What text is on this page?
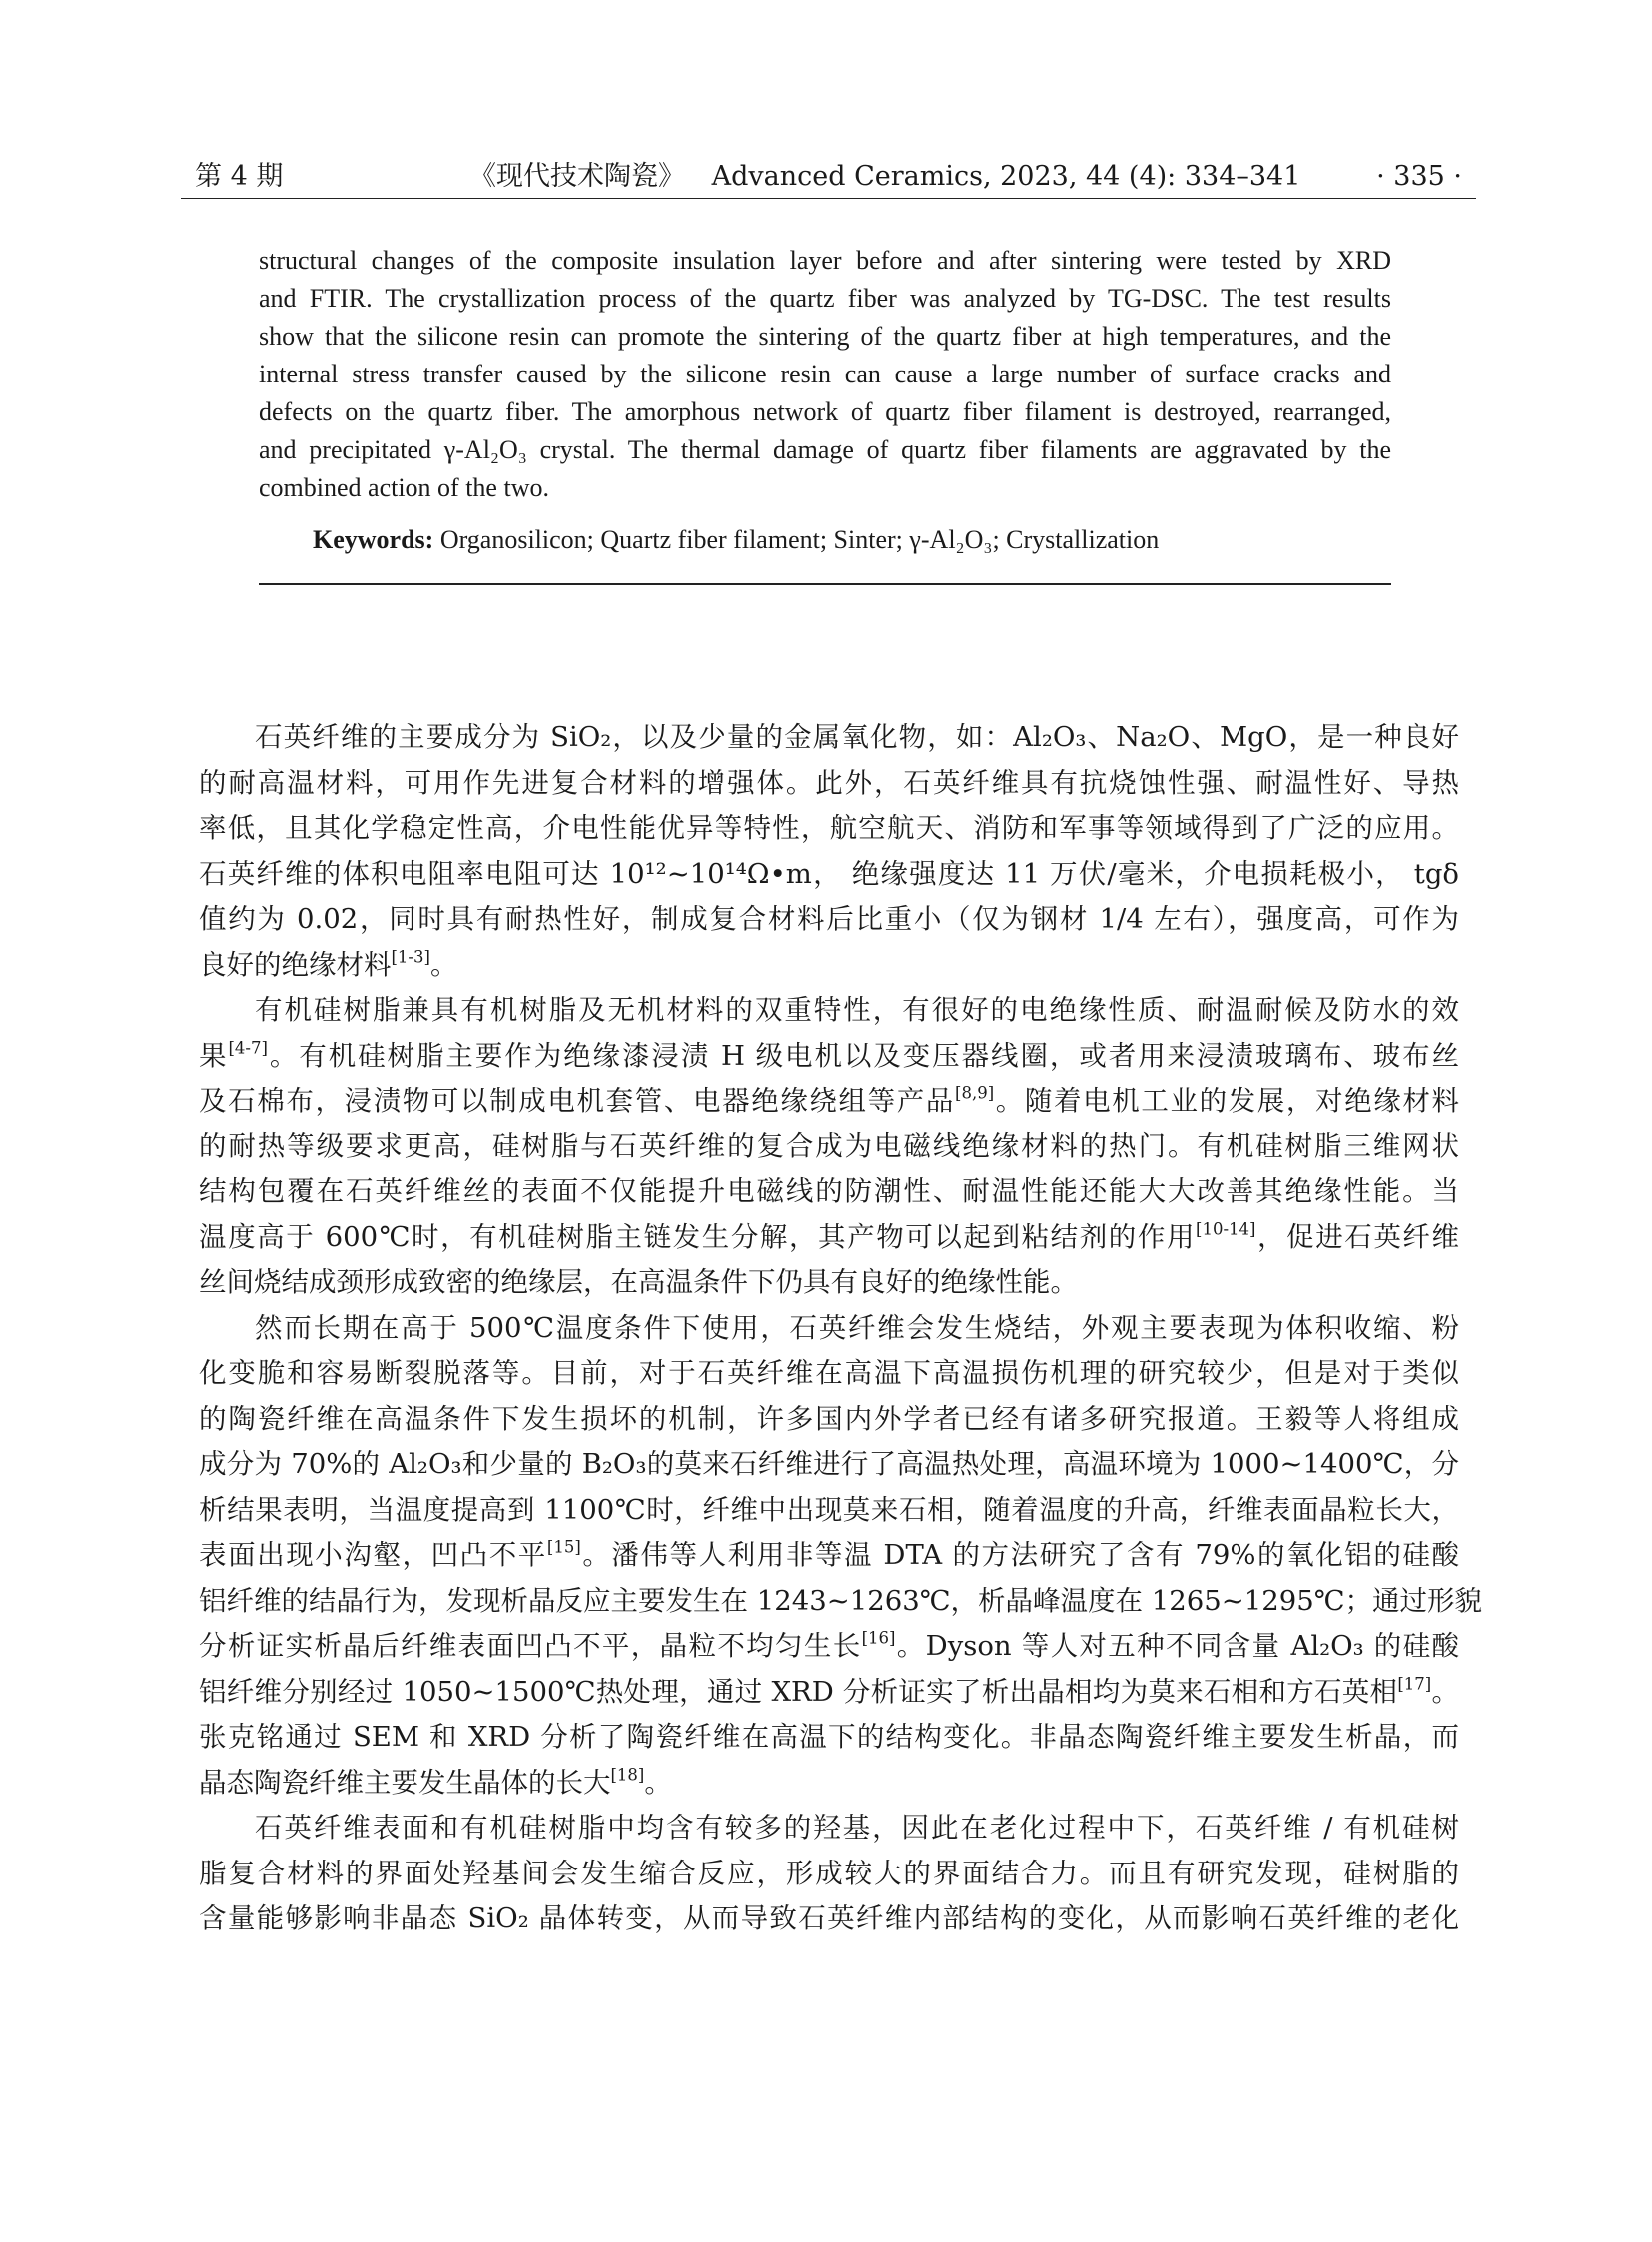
第 4 期	《现代技术陶瓷》 Advanced Ceramics, 2023, 44 (4): 334–341	· 335 ·
structural changes of the composite insulation layer before and after sintering were tested by XRD
and FTIR. The crystallization process of the quartz fiber was analyzed by TG-DSC. The test results
show that the silicone resin can promote the sintering of the quartz fiber at high temperatures, and the
internal stress transfer caused by the silicone resin can cause a large number of surface cracks and
defects on the quartz fiber. The amorphous network of quartz fiber filament is destroyed, rearranged,
and precipitated γ-Al₂O₃ crystal. The thermal damage of quartz fiber filaments are aggravated by the
combined action of the two.
Keywords: Organosilicon; Quartz fiber filament; Sinter; γ-Al₂O₃; Crystallization
石英纤维的主要成分为 SiO₂，以及少量的金属氧化物，如：Al₂O₃、Na₂O、MgO，是一种良好
的耐高温材料，可用作先进复合材料的增强体。此外，石英纤维具有抗烧蚀性强、耐温性好、导热
率低，且其化学稳定性高，介电性能优异等特性，航空航天、消防和军事等领域得到了广泛的应用。
石英纤维的体积电阻率电阻可达 10¹²~10¹⁴Ω•m， 绝缘强度达 11 万伏/毫米，介电损耗极小， tgδ
值约为 0.02，同时具有耐热性好，制成复合材料后比重小（仅为钢材 1/4 左右），强度高，可作为
良好的绝缘材料[1-3]。
有机硅树脂兼具有机树脂及无机材料的双重特性，有很好的电绝缘性质、耐温耐候及防水的效
果[4-7]。有机硅树脂主要作为绝缘漆浸渍 H 级电机以及变压器线圈，或者用来浸渍玻璃布、玻布丝
及石棉布，浸渍物可以制成电机套管、电器绝缘绕组等产品[8,9]。随着电机工业的发展，对绝缘材料
的耐热等级要求更高，硅树脂与石英纤维的复合成为电磁线绝缘材料的热门。有机硅树脂三维网状
结构包覆在石英纤维丝的表面不仅能提升电磁线的防潮性、耐温性能还能大大改善其绝缘性能。当
温度高于 600℃时，有机硅树脂主链发生分解，其产物可以起到粘结剂的作用[10-14]，促进石英纤维
丝间烧结成颈形成致密的绝缘层，在高温条件下仍具有良好的绝缘性能。
然而长期在高于 500℃温度条件下使用，石英纤维会发生烧结，外观主要表现为体积收缩、粉
化变脆和容易断裂脱落等。目前，对于石英纤维在高温下高温损伤机理的研究较少，但是对于类似
的陶瓷纤维在高温条件下发生损坏的机制，许多国内外学者已经有诸多研究报道。王毅等人将组成
成分为 70%的 Al₂O₃和少量的 B₂O₃的莫来石纤维进行了高温热处理，高温环境为 1000~1400℃，分
析结果表明，当温度提高到 1100℃时，纤维中出现莫来石相，随着温度的升高，纤维表面晶粒长大，
表面出现小沟壑，凹凸不平[15]。潘伟等人利用非等温 DTA 的方法研究了含有 79%的氧化铝的硅酸
铝纤维的结晶行为，发现析晶反应主要发生在 1243~1263℃，析晶峰温度在 1265~1295℃；通过形貌
分析证实析晶后纤维表面凹凸不平，晶粒不均匀生长[16]。Dyson 等人对五种不同含量 Al₂O₃ 的硅酸
铝纤维分别经过 1050~1500℃热处理，通过 XRD 分析证实了析出晶相均为莫来石相和方石英相[17]。
张克铭通过 SEM 和 XRD 分析了陶瓷纤维在高温下的结构变化。非晶态陶瓷纤维主要发生析晶，而
晶态陶瓷纤维主要发生晶体的长大[18]。
石英纤维表面和有机硅树脂中均含有较多的羟基，因此在老化过程中下，石英纤维 / 有机硅树
脂复合材料的界面处羟基间会发生缩合反应，形成较大的界面结合力。而且有研究发现，硅树脂的
含量能够影响非晶态 SiO₂ 晶体转变，从而导致石英纤维内部结构的变化，从而影响石英纤维的老化
